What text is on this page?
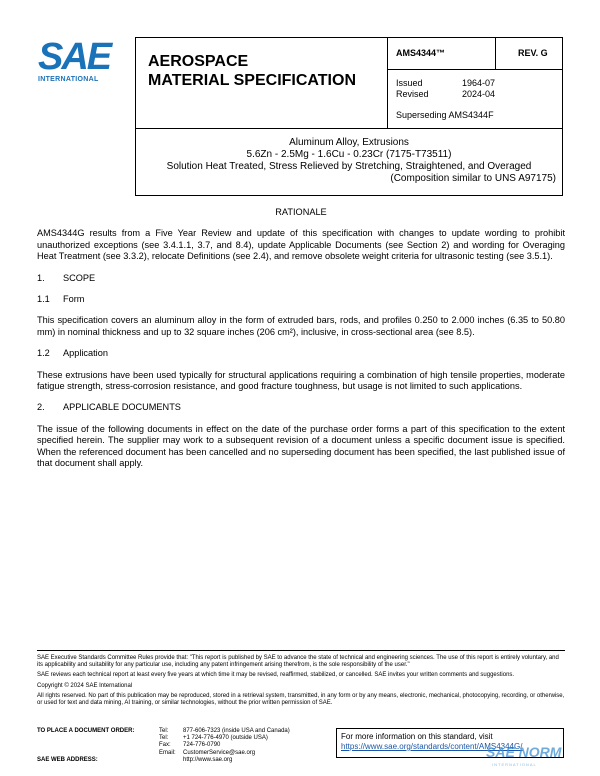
SAE
INTERNATIONAL
AEROSPACE
MATERIAL SPECIFICATION
AMS4344™	REV. G
Issued	1964-07
Revised	2024-04
Superseding AMS4344F
Aluminum Alloy, Extrusions
5.6Zn - 2.5Mg - 1.6Cu - 0.23Cr (7175-T73511)
Solution Heat Treated, Stress Relieved by Stretching, Straightened, and Overaged
(Composition similar to UNS A97175)
RATIONALE

AMS4344G results from a Five Year Review and update of this specification with changes to update wording to prohibit unauthorized exceptions (see 3.4.1.1, 3.7, and 8.4), update Applicable Documents (see Section 2) and wording for Overaging Heat Treatment (see 3.3.2), relocate Definitions (see 2.4), and remove obsolete weight criteria for ultrasonic testing (see 3.5.1).

1. SCOPE
1.1 Form

This specification covers an aluminum alloy in the form of extruded bars, rods, and profiles 0.250 to 2.000 inches (6.35 to 50.80 mm) in nominal thickness and up to 32 square inches (206 cm²), inclusive, in cross-sectional area (see 8.5).

1.2 Application

These extrusions have been used typically for structural applications requiring a combination of high tensile properties, moderate fatigue strength, stress-corrosion resistance, and good fracture toughness, but usage is not limited to such applications.

2. APPLICABLE DOCUMENTS

The issue of the following documents in effect on the date of the purchase order forms a part of this specification to the extent specified herein. The supplier may work to a subsequent revision of a document unless a specific document issue is specified. When the referenced document has been cancelled and no superseding document has been specified, the last published issue of that document shall apply.

SAE Executive Standards Committee Rules provide that: "This report is published by SAE to advance the state of technical and engineering sciences. The use of this report is entirely voluntary, and its applicability and suitability for any particular use, including any patent infringement arising therefrom, is the sole responsibility of the user."

SAE reviews each technical report at least every five years at which time it may be revised, reaffirmed, stabilized, or cancelled. SAE invites your written comments and suggestions.

Copyright © 2024 SAE International

All rights reserved. No part of this publication may be reproduced, stored in a retrieval system, transmitted, in any form or by any means, electronic, mechanical, photocopying, recording, or otherwise, or used for text and data mining, AI training, or similar technologies, without the prior written permission of SAE.

TO PLACE A DOCUMENT ORDER:	Tel:	877-606-7323 (inside USA and Canada)
Tel:	+1 724-776-4970 (outside USA)
Fax:	724-776-0790
Email:	CustomerService@sae.org
SAE WEB ADDRESS:	http://www.sae.org
For more information on this standard, visit
https://www.sae.org/standards/content/AMS4344G/
SAE NORM
INTERNATIONAL
